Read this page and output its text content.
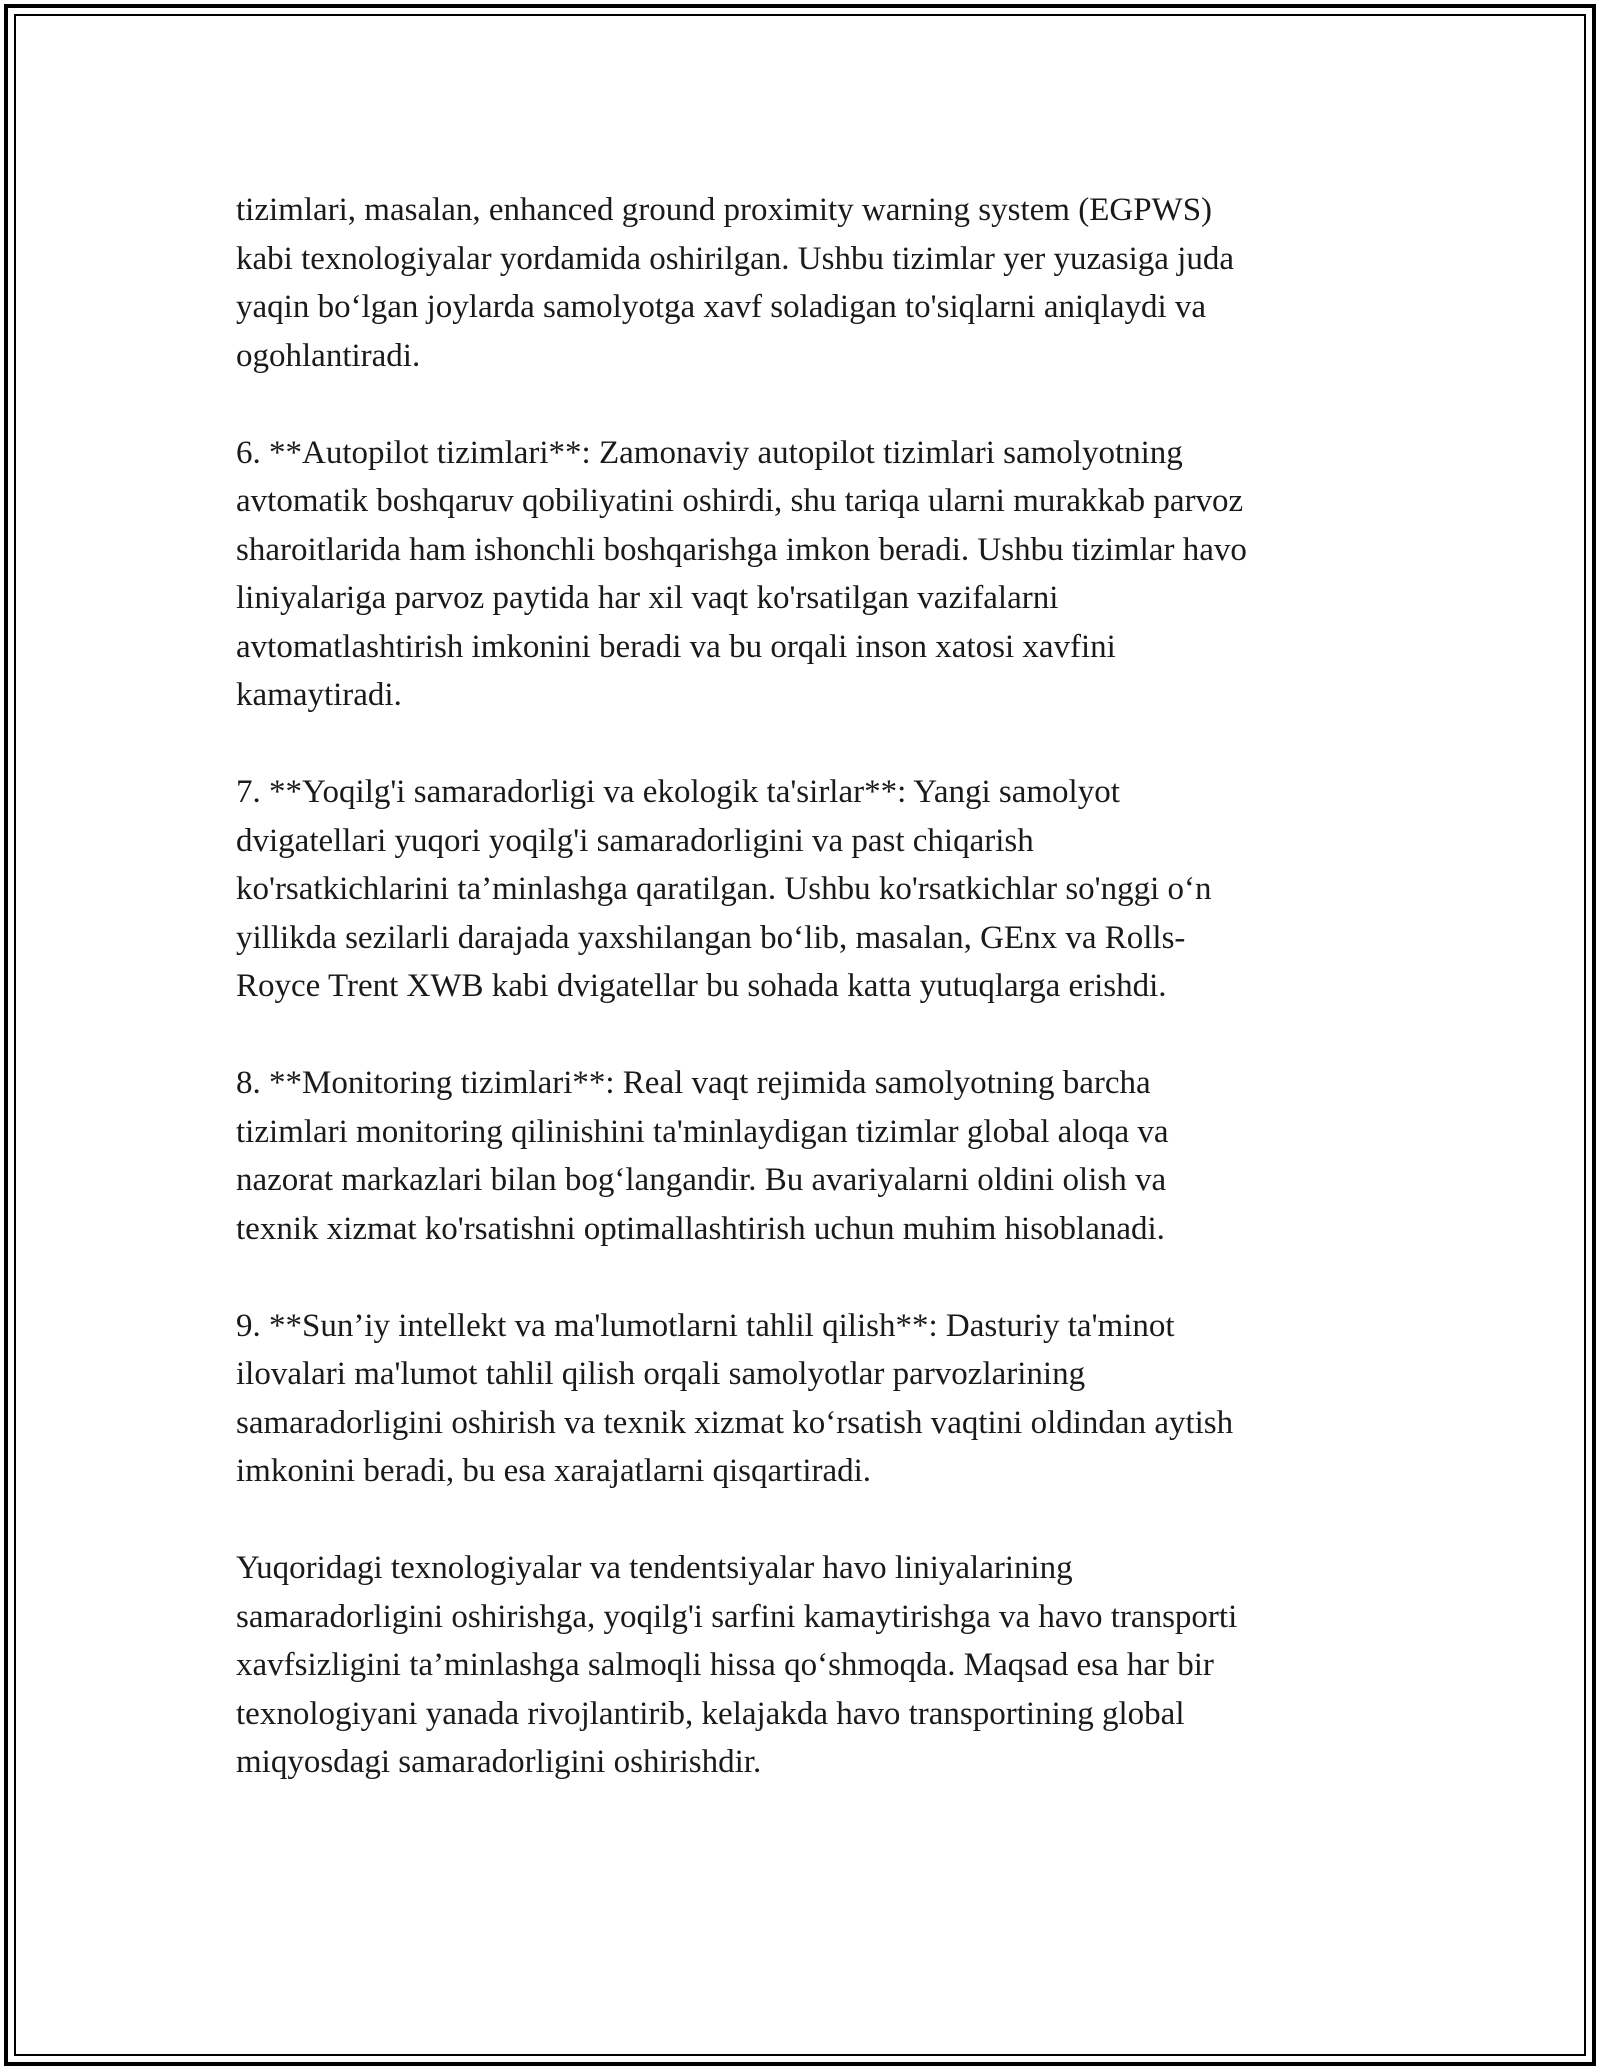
tizimlari, masalan, enhanced ground proximity warning system (EGPWS)
kabi texnologiyalar yordamida oshirilgan. Ushbu tizimlar yer yuzasiga juda
yaqin bo‘lgan joylarda samolyotga xavf soladigan to'siqlarni aniqlaydi va
ogohlantiradi.

6. **Autopilot tizimlari**: Zamonaviy autopilot tizimlari samolyotning
avtomatik boshqaruv qobiliyatini oshirdi, shu tariqa ularni murakkab parvoz
sharoitlarida ham ishonchli boshqarishga imkon beradi. Ushbu tizimlar havo
liniyalariga parvoz paytida har xil vaqt ko'rsatilgan vazifalarni
avtomatlashtirish imkonini beradi va bu orqali inson xatosi xavfini
kamaytiradi.

7. **Yoqilg'i samaradorligi va ekologik ta'sirlar**: Yangi samolyot
dvigatellari yuqori yoqilg'i samaradorligini va past chiqarish
ko'rsatkichlarini ta’minlashga qaratilgan. Ushbu ko'rsatkichlar so'nggi o‘n
yillikda sezilarli darajada yaxshilangan bo‘lib, masalan, GEnx va Rolls-
Royce Trent XWB kabi dvigatellar bu sohada katta yutuqlarga erishdi.

8. **Monitoring tizimlari**: Real vaqt rejimida samolyotning barcha
tizimlari monitoring qilinishini ta'minlaydigan tizimlar global aloqa va
nazorat markazlari bilan bog‘langandir. Bu avariyalarni oldini olish va
texnik xizmat ko'rsatishni optimallashtirish uchun muhim hisoblanadi.

9. **Sun’iy intellekt va ma'lumotlarni tahlil qilish**: Dasturiy ta'minot
ilovalari ma'lumot tahlil qilish orqali samolyotlar parvozlarining
samaradorligini oshirish va texnik xizmat ko‘rsatish vaqtini oldindan aytish
imkonini beradi, bu esa xarajatlarni qisqartiradi.

Yuqoridagi texnologiyalar va tendentsiyalar havo liniyalarining
samaradorligini oshirishga, yoqilg'i sarfini kamaytirishga va havo transporti
xavfsizligini ta’minlashga salmoqli hissa qo‘shmoqda. Maqsad esa har bir
texnologiyani yanada rivojlantirib, kelajakda havo transportining global
miqyosdagi samaradorligini oshirishdir.
